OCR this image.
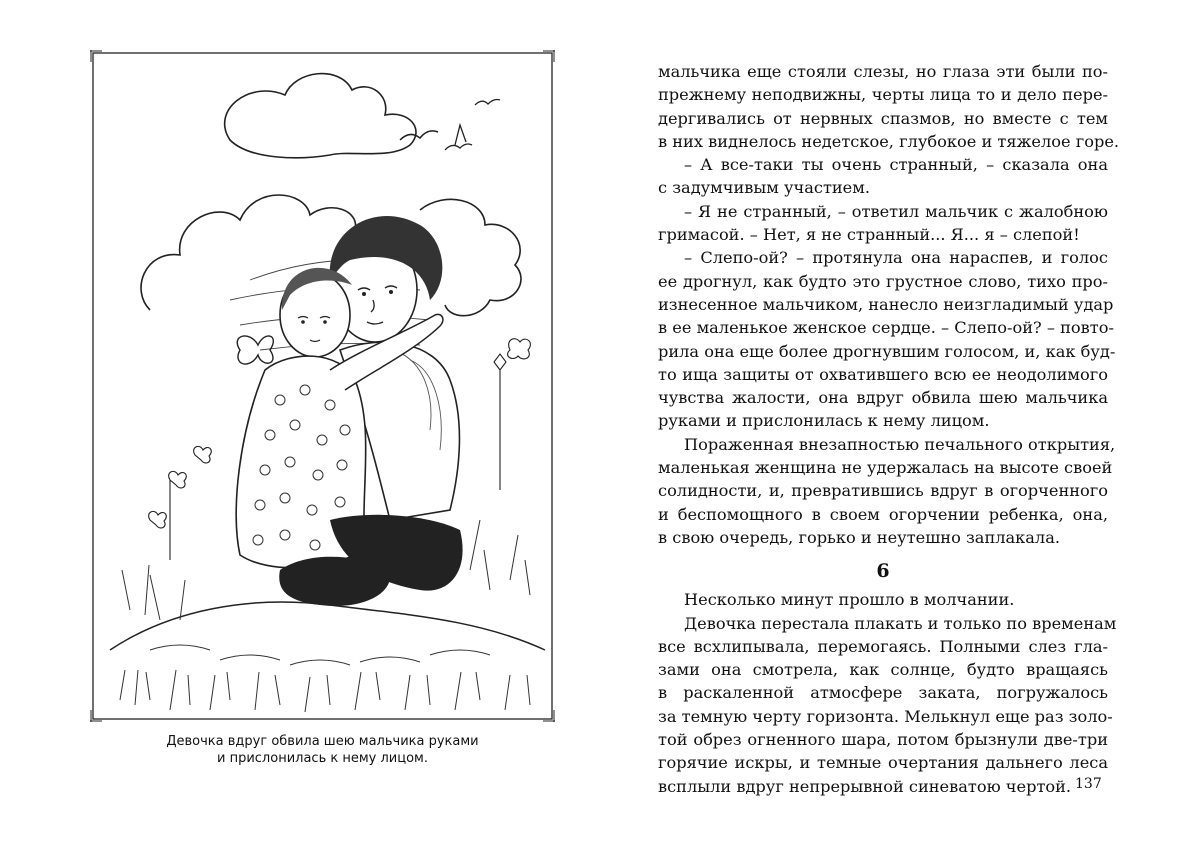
Девочка вдруг обвила шею мальчика руками
и прислонилась к нему лицом.
мальчика еще стояли слезы, но глаза эти были по-
прежнему неподвижны, черты лица то и дело пере-
дергивались от нервных спазмов, но вместе с тем
в них виднелось недетское, глубокое и тяжелое горе.
– А все-таки ты очень странный, – сказала она
с задумчивым участием.
– Я не странный, – ответил мальчик с жалобною
гримасой. – Нет, я не странный... Я... я – слепой!
– Слепо-ой? – протянула она нараспев, и голос
ее дрогнул, как будто это грустное слово, тихо про-
изнесенное мальчиком, нанесло неизгладимый удар
в ее маленькое женское сердце. – Слепо-ой? – повто-
рила она еще более дрогнувшим голосом, и, как буд-
то ища защиты от охватившего всю ее неодолимого
чувства жалости, она вдруг обвила шею мальчика
руками и прислонилась к нему лицом.
Пораженная внезапностью печального открытия,
маленькая женщина не удержалась на высоте своей
солидности, и, превратившись вдруг в огорченного
и беспомощного в своем огорчении ребенка, она,
в свою очередь, горько и неутешно заплакала.
6
Несколько минут прошло в молчании.
Девочка перестала плакать и только по временам
все всхлипывала, перемогаясь. Полными слез гла-
зами она смотрела, как солнце, будто вращаясь
в раскаленной атмосфере заката, погружалось
за темную черту горизонта. Мелькнул еще раз золо-
той обрез огненного шара, потом брызнули две-три
горячие искры, и темные очертания дальнего леса
всплыли вдруг непрерывной синеватою чертой. 137
